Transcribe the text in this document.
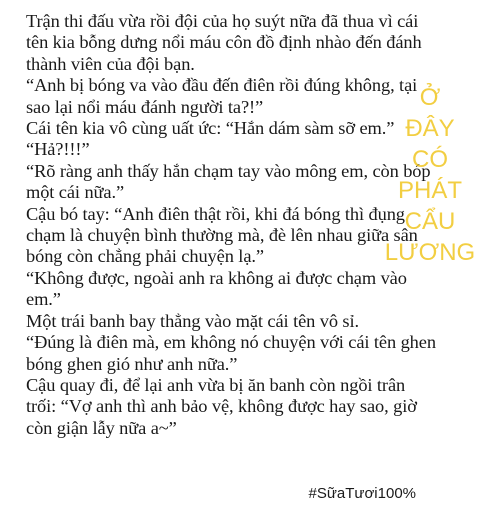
Trận thi đấu vừa rồi đội của họ suýt nữa đã thua vì cái
tên kia bỗng dưng nổi máu côn đồ định nhào đến đánh
thành viên của đội bạn.
“Anh bị bóng va vào đầu đến điên rồi đúng không, tại
sao lại nổi máu đánh người ta?!”
Cái tên kia vô cùng uất ức: “Hắn dám sàm sỡ em.”
“Hả?!!!”
“Rõ ràng anh thấy hắn chạm tay vào mông em, còn bóp
một cái nữa.”
Cậu bó tay: “Anh điên thật rồi, khi đá bóng thì đụng
chạm là chuyện bình thường mà, đè lên nhau giữa sân
bóng còn chẳng phải chuyện lạ.”
“Không được, ngoài anh ra không ai được chạm vào
em.”
Một trái banh bay thẳng vào mặt cái tên vô sỉ.
“Đúng là điên mà, em không nó chuyện với cái tên ghen
bóng ghen gió như anh nữa.”
Cậu quay đi, để lại anh vừa bị ăn banh còn ngồi trân
trối: “Vợ anh thì anh bảo vệ, không được hay sao, giờ
còn giận lẫy nữa a~”
Ở
ĐÂY
CÓ
PHÁT
CẨU
LƯƠNG
#SữaTươi100%
